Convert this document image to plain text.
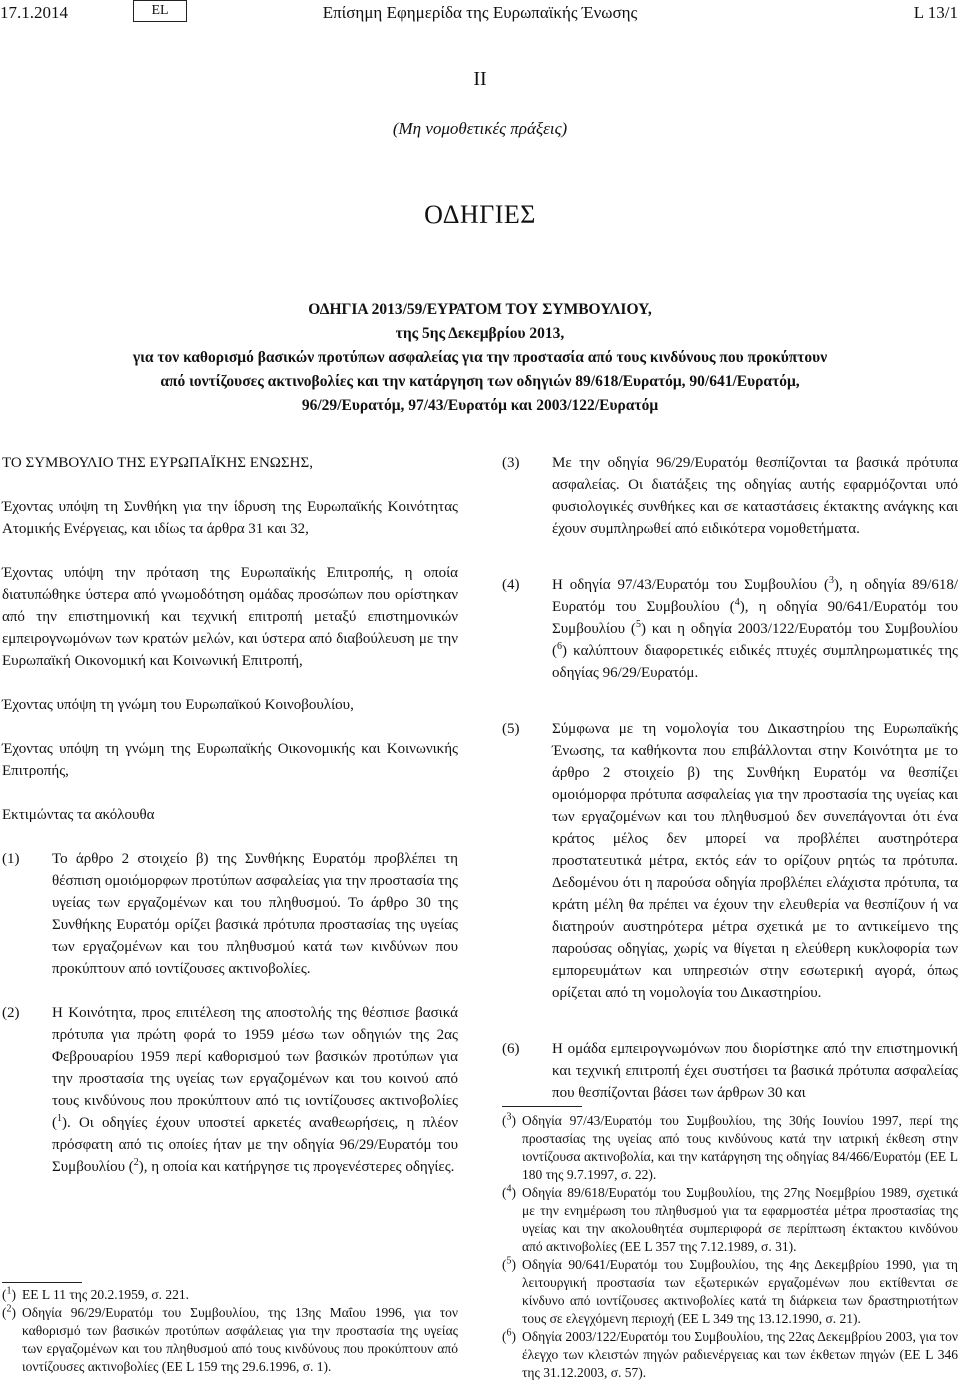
Επίσημη Εφημερίδα της Ευρωπαϊκής Ένωσης
17.1.2014	EL	L 13/1
II
(Μη νομοθετικές πράξεις)
ΟΔΗΓΙΕΣ
ΟΔΗΓΙΑ 2013/59/ΕΥΡΑΤΟΜ ΤΟΥ ΣΥΜΒΟΥΛΙΟΥ,
της 5ης Δεκεμβρίου 2013,
για τον καθορισμό βασικών προτύπων ασφαλείας για την προστασία από τους κινδύνους που προκύπτουν
από ιοντίζουσες ακτινοβολίες και την κατάργηση των οδηγιών 89/618/Ευρατόμ, 90/641/Ευρατόμ,
96/29/Ευρατόμ, 97/43/Ευρατόμ και 2003/122/Ευρατόμ

ΤΟ ΣΥΜΒΟΥΛΙΟ ΤΗΣ ΕΥΡΩΠΑΪΚΗΣ ΕΝΩΣΗΣ,

Έχοντας υπόψη τη Συνθήκη για την ίδρυση της Ευρωπαϊκής Κοινότητας Ατομικής Ενέργειας, και ιδίως τα άρθρα 31 και 32,

Έχοντας υπόψη την πρόταση της Ευρωπαϊκής Επιτροπής, η οποία διατυπώθηκε ύστερα από γνωμοδότηση ομάδας προσώπων που ορίστηκαν από την επιστημονική και τεχνική επιτροπή μεταξύ επιστημονικών εμπειρογνωμόνων των κρατών μελών, και ύστερα από διαβούλευση με την Ευρωπαϊκή Οικονομική και Κοινωνική Επιτροπή,

Έχοντας υπόψη τη γνώμη του Ευρωπαϊκού Κοινοβουλίου,

Έχοντας υπόψη τη γνώμη της Ευρωπαϊκής Οικονομικής και Κοινωνικής Επιτροπής,

Εκτιμώντας τα ακόλουθα

(1) Το άρθρο 2 στοιχείο β) της Συνθήκης Ευρατόμ προβλέπει τη θέσπιση ομοιόμορφων προτύπων ασφαλείας για την προστασία της υγείας των εργαζομένων και του πληθυσμού. Το άρθρο 30 της Συνθήκης Ευρατόμ ορίζει βασικά πρότυπα προστασίας της υγείας των εργαζομένων και του πληθυσμού κατά των κινδύνων που προκύπτουν από ιοντίζουσες ακτινοβολίες.
(2) Η Κοινότητα, προς επιτέλεση της αποστολής της θέσπισε βασικά πρότυπα για πρώτη φορά το 1959 μέσω των οδηγιών της 2ας Φεβρουαρίου 1959 περί καθορισμού των βασικών προτύπων για την προστασία της υγείας των εργαζομένων και του κοινού από τους κινδύνους που προκύπτουν από τις ιοντίζουσες ακτινοβολίες ($^1$). Οι οδηγίες έχουν υποστεί αρκετές αναθεωρήσεις, η πλέον πρόσφατη από τις οποίες ήταν με την οδηγία 96/29/Ευρατόμ του Συμβουλίου ($^2$), η οποία και κατήργησε τις προγενέστερες οδηγίες.
(3) Με την οδηγία 96/29/Ευρατόμ θεσπίζονται τα βασικά πρότυπα ασφαλείας. Οι διατάξεις της οδηγίας αυτής εφαρμόζονται υπό φυσιολογικές συνθήκες και σε καταστάσεις έκτακτης ανάγκης και έχουν συμπληρωθεί από ειδικότερα νομοθετήματα.
(4) Η οδηγία 97/43/Ευρατόμ του Συμβουλίου ($^3$), η οδηγία 89/618/Ευρατόμ του Συμβουλίου ($^4$), η οδηγία 90/641/Ευρατόμ του Συμβουλίου ($^5$) και η οδηγία 2003/122/Ευρατόμ του Συμβουλίου ($^6$) καλύπτουν διαφορετικές ειδικές πτυχές συμπληρωματικές της οδηγίας 96/29/Ευρατόμ.
(5) Σύμφωνα με τη νομολογία του Δικαστηρίου της Ευρωπαϊκής Ένωσης, τα καθήκοντα που επιβάλλονται στην Κοινότητα με το άρθρο 2 στοιχείο β) της Συνθήκη Ευρατόμ να θεσπίζει ομοιόμορφα πρότυπα ασφαλείας για την προστασία της υγείας και των εργαζομένων και του πληθυσμού δεν συνεπάγονται ότι ένα κράτος μέλος δεν μπορεί να προβλέπει αυστηρότερα προστατευτικά μέτρα, εκτός εάν το ορίζουν ρητώς τα πρότυπα. Δεδομένου ότι η παρούσα οδηγία προβλέπει ελάχιστα πρότυπα, τα κράτη μέλη θα πρέπει να έχουν την ελευθερία να θεσπίζουν ή να διατηρούν αυστηρότερα μέτρα σχετικά με το αντικείμενο της παρούσας οδηγίας, χωρίς να θίγεται η ελεύθερη κυκλοφορία των εμπορευμάτων και υπηρεσιών στην εσωτερική αγορά, όπως ορίζεται από τη νομολογία του Δικαστηρίου.
(6) Η ομάδα εμπειρογνωμόνων που διορίστηκε από την επιστημονική και τεχνική επιτροπή έχει συστήσει τα βασικά πρότυπα ασφαλείας που θεσπίζονται βάσει των άρθρων 30 και
($^1$) ΕΕ L 11 της 20.2.1959, σ. 221.
($^2$) Οδηγία 96/29/Ευρατόμ του Συμβουλίου, της 13ης Μαΐου 1996, για τον καθορισμό των βασικών προτύπων ασφάλειας για την προστασία της υγείας των εργαζομένων και του πληθυσμού από τους κινδύνους που προκύπτουν από ιοντίζουσες ακτινοβολίες (ΕΕ L 159 της 29.6.1996, σ. 1).
($^3$) Οδηγία 97/43/Ευρατόμ του Συμβουλίου, της 30ής Ιουνίου 1997, περί της προστασίας της υγείας από τους κινδύνους κατά την ιατρική έκθεση στην ιοντίζουσα ακτινοβολία, και την κατάργηση της οδηγίας 84/466/Ευρατόμ (ΕΕ L 180 της 9.7.1997, σ. 22).
($^4$) Οδηγία 89/618/Ευρατόμ του Συμβουλίου, της 27ης Νοεμβρίου 1989, σχετικά με την ενημέρωση του πληθυσμού για τα εφαρμοστέα μέτρα προστασίας της υγείας και την ακολουθητέα συμπεριφορά σε περίπτωση έκτακτου κινδύνου από ακτινοβολίες (ΕΕ L 357 της 7.12.1989, σ. 31).
($^5$) Οδηγία 90/641/Ευρατόμ του Συμβουλίου, της 4ης Δεκεμβρίου 1990, για τη λειτουργική προστασία των εξωτερικών εργαζομένων που εκτίθενται σε κίνδυνο από ιοντίζουσες ακτινοβολίες κατά τη διάρκεια των δραστηριοτήτων τους σε ελεγχόμενη περιοχή (ΕΕ L 349 της 13.12.1990, σ. 21).
($^6$) Οδηγία 2003/122/Ευρατόμ του Συμβουλίου, της 22ας Δεκεμβρίου 2003, για τον έλεγχο των κλειστών πηγών ραδιενέργειας και των έκθετων πηγών (ΕΕ L 346 της 31.12.2003, σ. 57).
